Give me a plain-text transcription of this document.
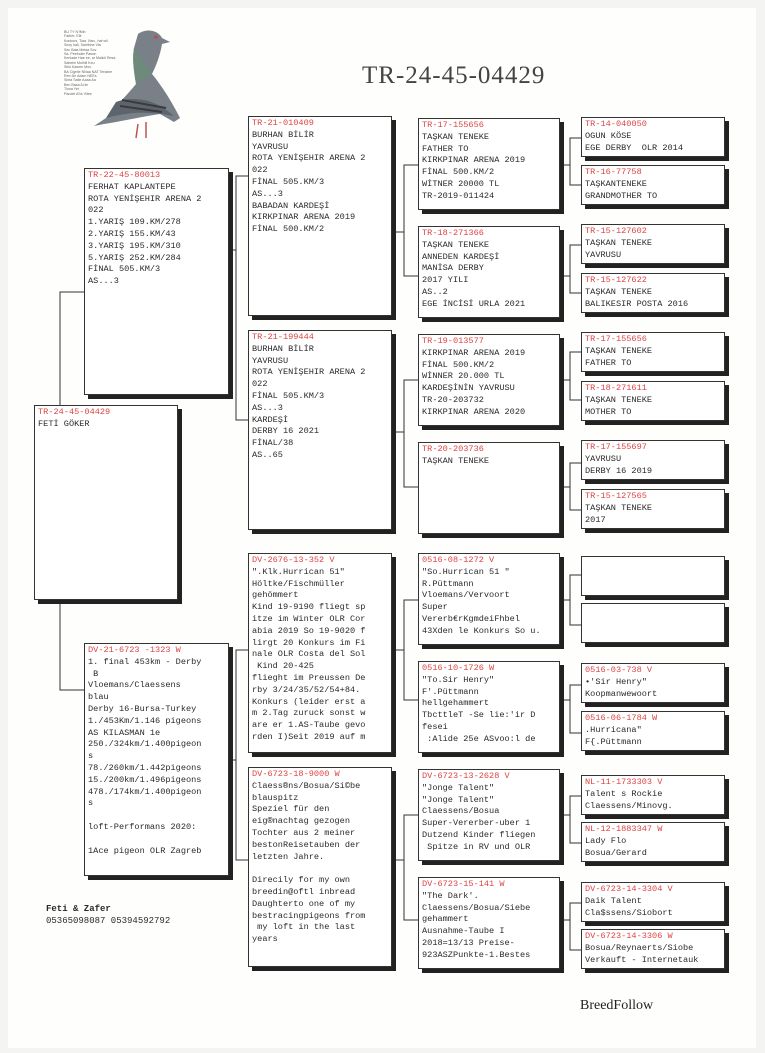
BU TY N'!Min
Father: Elit
Konkurs, Tiaa. Nan., hat wil
Sexy hall, Sahibine Vla
Sec Bala Melaa Sov
Sa. Peelnder Passe.
Kenlade Hae ee, ar Malicii Resa
Sabelei Molhiii Keu
Sitio Kasme Mov.
BA Cigelie NNaa NAT Tenaine
Ren De Adam NEEs
Sinta Satie Aaaa Aa
Ben Basa Ai lin
Tiona Yet
Pandel ASs Vitee
TR-24-45-04429
TR-24-45-04429
FETİ GÖKER
TR-22-45-80013
FERHAT KAPLANTEPE
ROTA YENİŞEHIR ARENA 2
022
1.YARIŞ 109.KM/278
2.YARIŞ 155.KM/43
3.YARIŞ 195.KM/310
5.YARIŞ 252.KM/284
FİNAL 505.KM/3
AS...3
DV-21-6723 -1323 W
1. final 453km - Derby
B
Vloemans/Claessens
blau
Derby 16-Bursa-Turkey
1./453Km/1.146 pigeons
AS KILASMAN 1e
250./324km/1.400pigeon
s
78./260km/1.442pigeons
15./200km/1.496pigeons
478./174km/1.400pigeon
s

loft-Performans 2020:

1Ace pigeon OLR Zagreb
TR-21-010409
BURHAN BİLİR
YAVRUSU
ROTA YENİŞEHIR ARENA 2
022
FİNAL 505.KM/3
AS...3
BABADAN KARDEŞİ
KIRKPINAR ARENA 2019
FİNAL 500.KM/2
TR-21-199444
BURHAN BİLİR
YAVRUSU
ROTA YENİŞEHIR ARENA 2
022
FİNAL 505.KM/3
AS...3
KARDEŞİ
DERBY 16 2021
FİNAL/38
AS..65
DV-2676-13-352 V
".Klk.Hurrican 51"
Höltke/Fischmüller
gehömmert
Kind 19-9190 fliegt sp
itze im Winter OLR Cor
abia 2019 So 19-9020 f
lirgt 20 Konkurs im Fi
nale OLR Costa del Sol
Kind 20-425
flieght im Preussen De
rby 3/24/35/52/54+84.
Konkurs (leider erst a
m 2.Tag zuruck sonst w
are er 1.AS-Taube gevo
rden I)Seit 2019 auf m
DV-6723-18-9000 W
Claess®ns/Bosua/Si©be
blauspitz
Speziel für den
eig®nachtag gezogen
Tochter aus 2 meiner
bestonReisetauben der
letzten Jahre.

Direcily for my own
breedin@oftl inbread
Daughterto one of my
bestracingpigeons from
my loft in the last
years
TR-17-155656
TAŞKAN TENEKE
FATHER TO
KIRKPINAR ARENA 2019
FİNAL 500.KM/2
WİTNER 20000 TL
TR-2019-011424
TR-18-271366
TAŞKAN TENEKE
ANNEDEN KARDEŞİ
MANİSA DERBY
2017 YILI
AS..2
EGE İNCİSİ URLA 2021
TR-19-013577
KIRKPINAR ARENA 2019
FİNAL 500.KM/2
WİNNER 20.000 TL
KARDEŞİNİN YAVRUSU
TR-20-203732
KIRKPINAR ARENA 2020
TR-20-203736
TAŞKAN TENEKE
0516-08-1272 V
"So.Hurrican 51 "
R.Püttmann
Vloemans/Vervoort
Super
Vererb€rKgmdeiFhbel
43Xden le Konkurs So u.
0516-10-1726 W
"To.Sir Henry"
F'.Püttmann
hellgehammert
TbcttleT -Se lie:'ir D
fesei
:Alide 25e ASvoo:l de
DV-6723-13-2628 V
"Jonge Talent"
"Jonge Talent"
Claessens/Bosua
Super-Vererber-uber 1
Dutzend Kinder fliegen
Spitze in RV und OLR
DV-6723-15-141 W
"The Dark'.
Claessens/Bosua/Siebe
gehammert
Ausnahme-Taube I
2018=13/13 Preise-
923ASZPunkte-1.Bestes
TR-14-040050
OGUN KÖSE
EGE DERBY  OLR 2014
TR-16-77758
TAŞKANTENEKE
GRANDMOTHER TO
TR-15-127602
TAŞKAN TENEKE
YAVRUSU
TR-15-127622
TAŞKAN TENEKE
BALIKESIR POSTA 2016
TR-17-155656
TAŞKAN TENEKE
FATHER TO
TR-18-271611
TAŞKAN TENEKE
MOTHER TO
TR-17-155697
YAVRUSU
DERBY 16 2019
TR-15-127565
TAŞKAN TENEKE
2017
0516-03-738 V
•'Sir Henry"
Koopmanwewoort
0516-06-1784 W
.Hurricana"
F{.Püttmann
NL-11-1733303 V
Talent s Rockie
Claessens/Minovg.
NL-12-1883347 W
Lady Flo
Bosua/Gerard
DV-6723-14-3304 V
Daik Talent
Cla$ssens/Siobort
DV-6723-14-3306 W
Bosua/Reynaerts/Siobe
Verkauft - Internetauk
Feti & Zafer
05365098087 05394592792
BreedFollow
